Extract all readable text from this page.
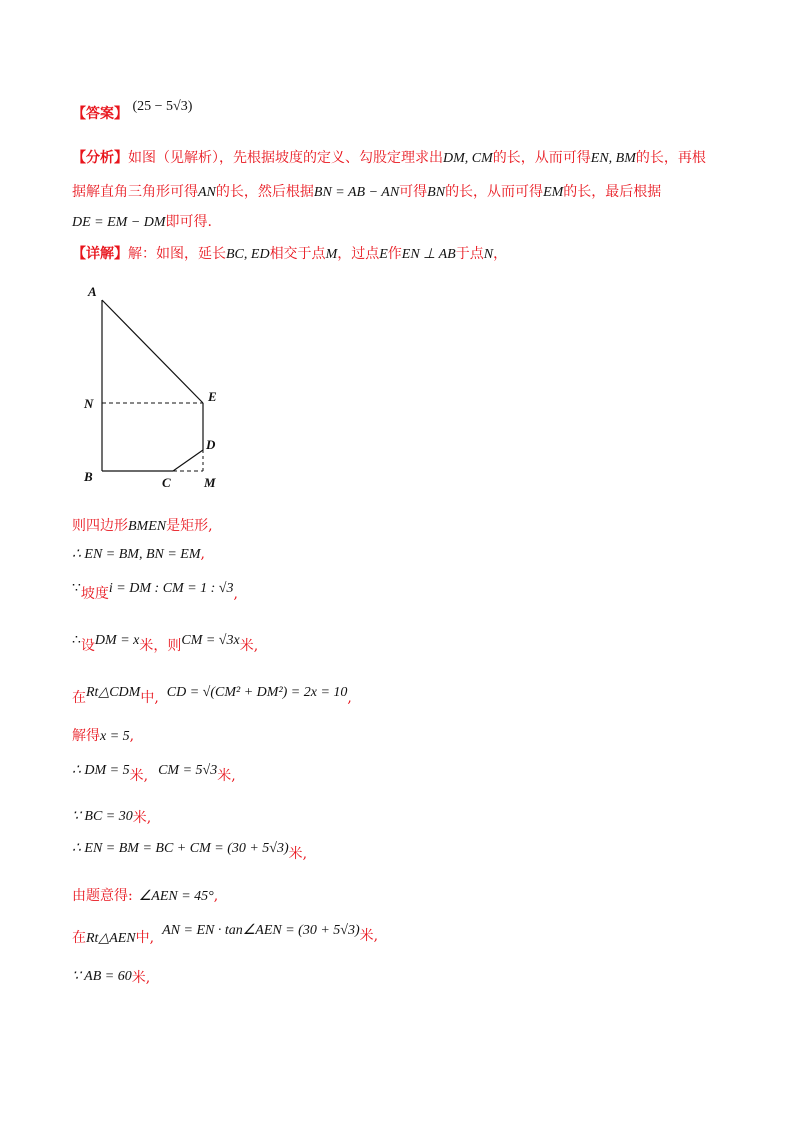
【答案】 (25 − 5√3)
【分析】如图（见解析），先根据坡度的定义、勾股定理求出DM, CM的长，从而可得EN, BM的长，再根
据解直角三角形可得AN的长，然后根据BN = AB − AN可得BN的长，从而可得EM的长，最后根据
DE = EM − DM即可得.
【详解】解：如图，延长BC, ED相交于点M，过点E作EN ⊥ AB于点N，
A
N	E
D
B	C	M
则四边形BMEN是矩形,
∴ EN = BM, BN = EM,
∵坡度i = DM : CM = 1 : √3,
∴设DM = x米，则CM = √3x米,
在Rt△CDM中, CD = √(CM² + DM²) = 2x = 10,
解得x = 5,
∴ DM = 5米, CM = 5√3米,
∵ BC = 30米,
∴ EN = BM = BC + CM = (30 + 5√3)米,
由题意得: ∠AEN = 45°,
在Rt△AEN中, AN = EN · tan∠AEN = (30 + 5√3)米,
∵ AB = 60米,
